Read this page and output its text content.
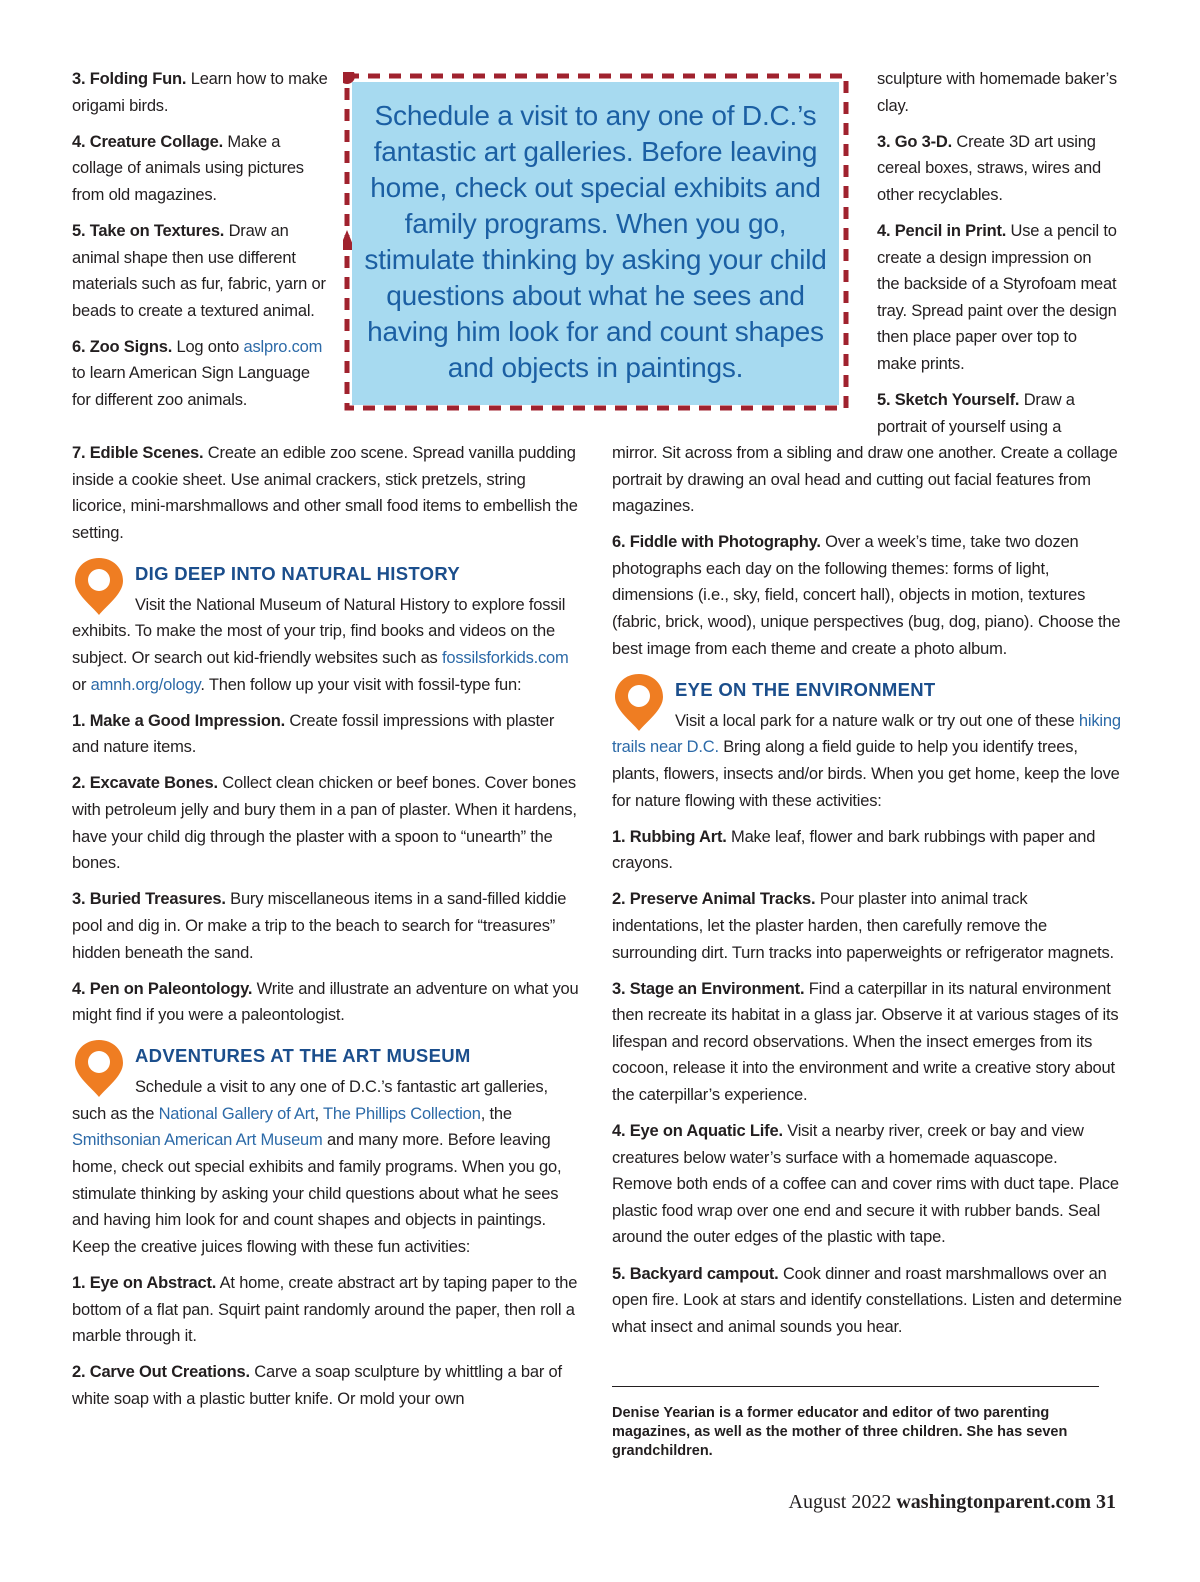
3. Folding Fun. Learn how to make origami birds.

4. Creature Collage. Make a collage of animals using pictures from old magazines.

5. Take on Textures. Draw an animal shape then use different materials such as fur, fabric, yarn or beads to create a textured animal.

6. Zoo Signs. Log onto aslpro.com to learn American Sign Language for different zoo animals.

7. Edible Scenes. Create an edible zoo scene. Spread vanilla pudding inside a cookie sheet. Use animal crackers, stick pretzels, string licorice, mini-marshmallows and other small food items to embellish the setting.

DIG DEEP INTO NATURAL HISTORY

Visit the National Museum of Natural History to explore fossil exhibits. To make the most of your trip, find books and videos on the subject. Or search out kid-friendly websites such as fossilsforkids.com or amnh.org/ology. Then follow up your visit with fossil-type fun:

1. Make a Good Impression. Create fossil impressions with plaster and nature items.

2. Excavate Bones. Collect clean chicken or beef bones. Cover bones with petroleum jelly and bury them in a pan of plaster. When it hardens, have your child dig through the plaster with a spoon to “unearth” the bones.

3. Buried Treasures. Bury miscellaneous items in a sand-filled kiddie pool and dig in. Or make a trip to the beach to search for “treasures” hidden beneath the sand.

4. Pen on Paleontology. Write and illustrate an adventure on what you might find if you were a paleontologist.

ADVENTURES AT THE ART MUSEUM

Schedule a visit to any one of D.C.’s fantastic art galleries, such as the National Gallery of Art, The Phillips Collection, the Smithsonian American Art Museum and many more. Before leaving home, check out special exhibits and family programs. When you go, stimulate thinking by asking your child questions about what he sees and having him look for and count shapes and objects in paintings. Keep the creative juices flowing with these fun activities:

1. Eye on Abstract. At home, create abstract art by taping paper to the bottom of a flat pan. Squirt paint randomly around the paper, then roll a marble through it.

2. Carve Out Creations. Carve a soap sculpture by whittling a bar of white soap with a plastic butter knife. Or mold your own

Schedule a visit to any one of D.C.’s fantastic art galleries. Before leaving home, check out special exhibits and family programs. When you go, stimulate thinking by asking your child questions about what he sees and having him look for and count shapes and objects in paintings.

sculpture with homemade baker’s clay.

3. Go 3-D. Create 3D art using cereal boxes, straws, wires and other recyclables.

4. Pencil in Print. Use a pencil to create a design impression on the backside of a Styrofoam meat tray. Spread paint over the design then place paper over top to make prints.

5. Sketch Yourself. Draw a portrait of yourself using a

mirror. Sit across from a sibling and draw one another. Create a collage portrait by drawing an oval head and cutting out facial features from magazines.

6. Fiddle with Photography. Over a week’s time, take two dozen photographs each day on the following themes: forms of light, dimensions (i.e., sky, field, concert hall), objects in motion, textures (fabric, brick, wood), unique perspectives (bug, dog, piano). Choose the best image from each theme and create a photo album.

EYE ON THE ENVIRONMENT

Visit a local park for a nature walk or try out one of these hiking trails near D.C. Bring along a field guide to help you identify trees, plants, flowers, insects and/or birds. When you get home, keep the love for nature flowing with these activities:

1. Rubbing Art. Make leaf, flower and bark rubbings with paper and crayons.

2. Preserve Animal Tracks. Pour plaster into animal track indentations, let the plaster harden, then carefully remove the surrounding dirt. Turn tracks into paperweights or refrigerator magnets.

3. Stage an Environment. Find a caterpillar in its natural environment then recreate its habitat in a glass jar. Observe it at various stages of its lifespan and record observations. When the insect emerges from its cocoon, release it into the environment and write a creative story about the caterpillar’s experience.

4. Eye on Aquatic Life. Visit a nearby river, creek or bay and view creatures below water’s surface with a homemade aquascope. Remove both ends of a coffee can and cover rims with duct tape. Place plastic food wrap over one end and secure it with rubber bands. Seal around the outer edges of the plastic with tape.

5. Backyard campout. Cook dinner and roast marshmallows over an open fire. Look at stars and identify constellations. Listen and determine what insect and animal sounds you hear.

Denise Yearian is a former educator and editor of two parenting magazines, as well as the mother of three children. She has seven grandchildren.
August 2022 washingtonparent.com 31
